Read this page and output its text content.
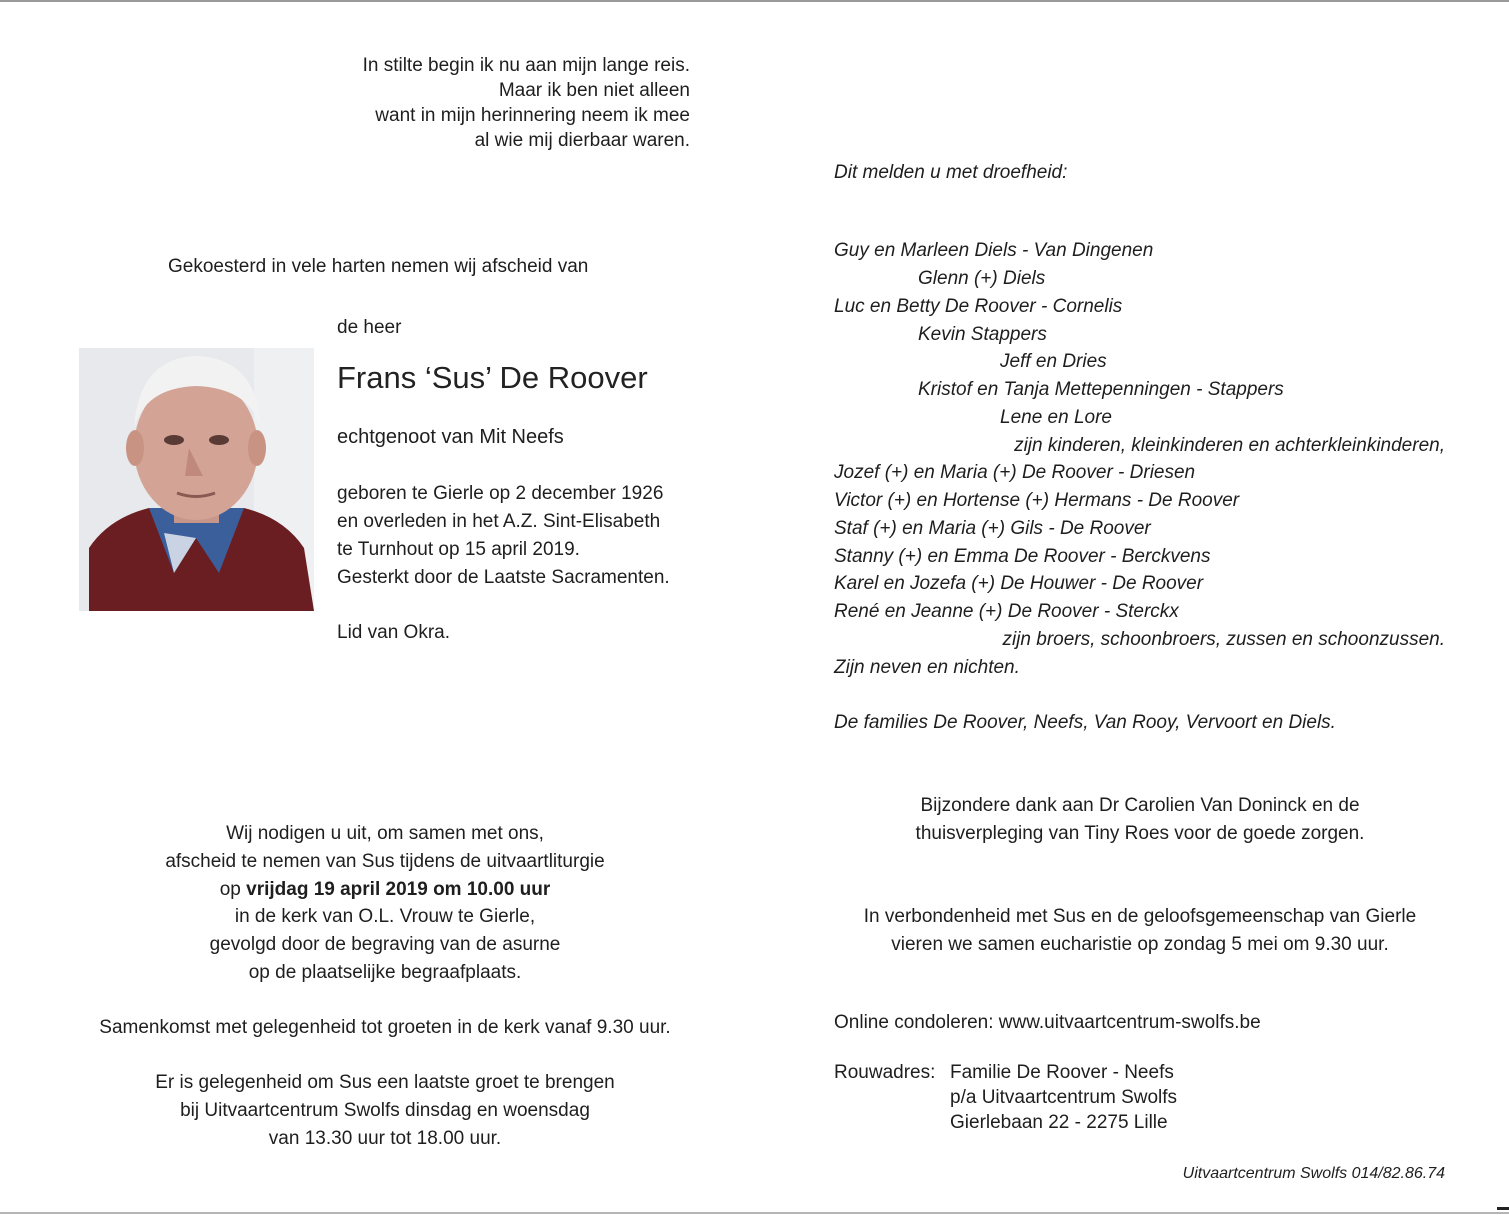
In stilte begin ik nu aan mijn lange reis.
Maar ik ben niet alleen
want in mijn herinnering neem ik mee
al wie mij dierbaar waren.
Gekoesterd in vele harten nemen wij afscheid van
de heer
Frans ‘Sus’ De Roover
echtgenoot van Mit Neefs
geboren te Gierle op 2 december 1926
en overleden in het A.Z. Sint-Elisabeth
te Turnhout op 15 april 2019.
Gesterkt door de Laatste Sacramenten.
Lid van Okra.
Wij nodigen u uit, om samen met ons,
afscheid te nemen van Sus tijdens de uitvaartliturgie
op vrijdag 19 april 2019 om 10.00 uur
in de kerk van O.L. Vrouw te Gierle,
gevolgd door de begraving van de asurne
op de plaatselijke begraafplaats.
Samenkomst met gelegenheid tot groeten in de kerk vanaf 9.30 uur.
Er is gelegenheid om Sus een laatste groet te brengen
bij Uitvaartcentrum Swolfs dinsdag en woensdag
van 13.30 uur tot 18.00 uur.
Dit melden u met droefheid:
Guy en Marleen Diels - Van Dingenen
Glenn (+) Diels
Luc en Betty De Roover - Cornelis
Kevin Stappers
Jeff en Dries
Kristof en Tanja Mettepenningen - Stappers
Lene en Lore
zijn kinderen, kleinkinderen en achterkleinkinderen,
Jozef (+) en Maria (+) De Roover - Driesen
Victor (+) en Hortense (+) Hermans - De Roover
Staf (+) en Maria (+) Gils - De Roover
Stanny (+) en Emma De Roover - Berckvens
Karel en Jozefa (+) De Houwer - De Roover
René en Jeanne (+) De Roover - Sterckx
zijn broers, schoonbroers, zussen en schoonzussen.
Zijn neven en nichten.
De families De Roover, Neefs, Van Rooy, Vervoort en Diels.
Bijzondere dank aan Dr Carolien Van Doninck en de
thuisverpleging van Tiny Roes voor de goede zorgen.
In verbondenheid met Sus en de geloofsgemeenschap van Gierle
vieren we samen eucharistie op zondag 5 mei om 9.30 uur.
Online condoleren: www.uitvaartcentrum-swolfs.be
Rouwadres: Familie De Roover - Neefs
p/a Uitvaartcentrum Swolfs
Gierlebaan 22 - 2275 Lille
Uitvaartcentrum Swolfs 014/82.86.74
